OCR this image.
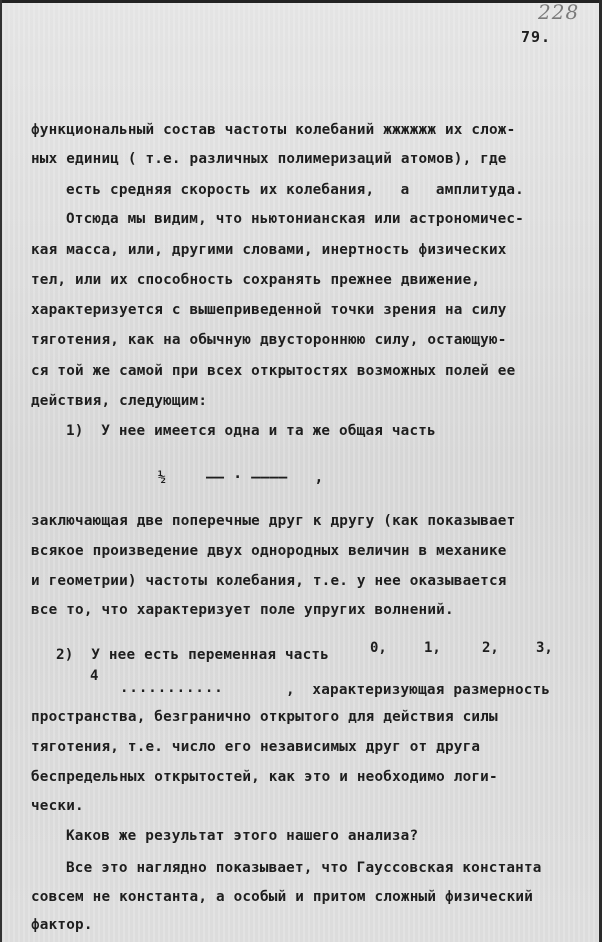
228
79.
функциональный состав частоты колебаний жжжжжж их слож-
ных единиц ( т.е. различных полимеризаций атомов), где
есть средняя скорость их колебания,   а   амплитуда.
Отсюда мы видим, что ньютонианская или астрономичес-
кая масса, или, другими словами, инертность физических
тел, или их способность сохранять прежнее движение,
характеризуется с вышеприведенной точки зрения на силу
тяготения, как на обычную двустороннюю силу, остающую-
ся той же самой при всех открытостях возможных полей ее
действия, следующим:
1)  У нее имеется одна и та же общая часть
½	—— · ————   ,
заключающая две поперечные друг к другу (как показывает
всякое произведение двух однородных величин в механике
и геометрии) частоты колебания, т.е. у нее оказывается
все то, что характеризует поле упругих волнений.
2)  У нее есть переменная часть	0,	1,	2,	3,
4
...........	,  характеризующая размерность
пространства, безгранично открытого для действия силы
тяготения, т.е. число его независимых друг от друга
беспредельных открытостей, как это и необходимо логи-
чески.
Каков же результат этого нашего анализа?
Все это наглядно показывает, что Гауссовская константа
совсем не константа, а особый и притом сложный физический
фактор.
